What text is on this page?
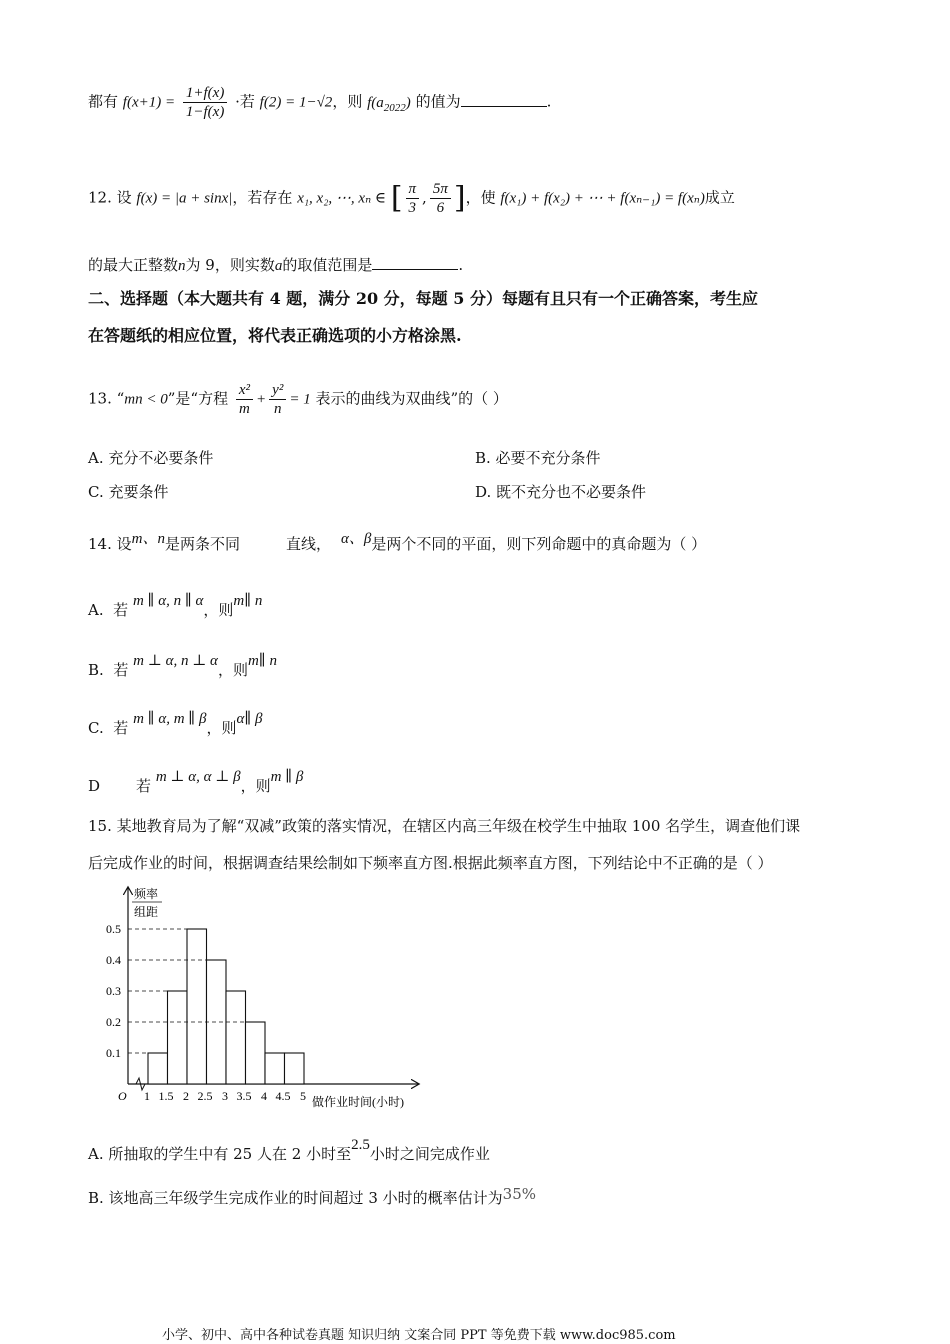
都有 $f(x+1) = \frac{1+f(x)}{1-f(x)}$ ·若 f(2) = 1−√2，则 $f(a_{2022})$ 的值为	.
12. 设 f(x) = |a + sinx|，若存在 x₁, x₂, ⋯, xₙ ∈ [ $\frac{\pi}{3}$ , $\frac{5\pi}{6}$ ]，使 f(x₁) + f(x₂) + ⋯ + f(xₙ₋₁) = f(xₙ)成立
的最大正整数n为 9，则实数a的取值范围是	.
二、选择题（本大题共有 4 题，满分 20 分，每题 5 分）每题有且只有一个正确答案，考生应
在答题纸的相应位置，将代表正确选项的小方格涂黑.
13. “mn < 0”是“方程 $\frac{\text{x²}}{m} + \frac{\text{y²}}{n} = 1$ 表示的曲线为双曲线”的（ ）
A. 充分不必要条件	B. 必要不充分条件
C. 充要条件	D. 既不充分也不必要条件
14. 设m、n是两条不同	直线， α、β是两个不同的平面，则下列命题中的真命题为（ ）
A. 若 m ∥ α, n ∥ α，则m∥ n
B. 若 m ⊥ α, n ⊥ α，则m∥ n
C. 若 m ∥ α, m ∥ β，则α∥ β
D 若 m ⊥ α, α ⊥ β，则m ∥ β
15. 某地教育局为了解“双减”政策的落实情况，在辖区内高三年级在校学生中抽取 100 名学生，调查他们课
后完成作业的时间，根据调查结果绘制如下频率直方图.根据此频率直方图，下列结论中不正确的是（ ）
频率
组距
O
0.1
0.2
0.3
0.4
0.5
1 1.5 2 2.5 3 3.5 4 4.5 5 做作业时间(小时)
A. 所抽取的学生中有 25 人在 2 小时至2.5小时之间完成作业
B. 该地高三年级学生完成作业的时间超过 3 小时的概率估计为35%
小学、初中、高中各种试卷真题 知识归纳 文案合同 PPT 等免费下载 www.doc985.com
